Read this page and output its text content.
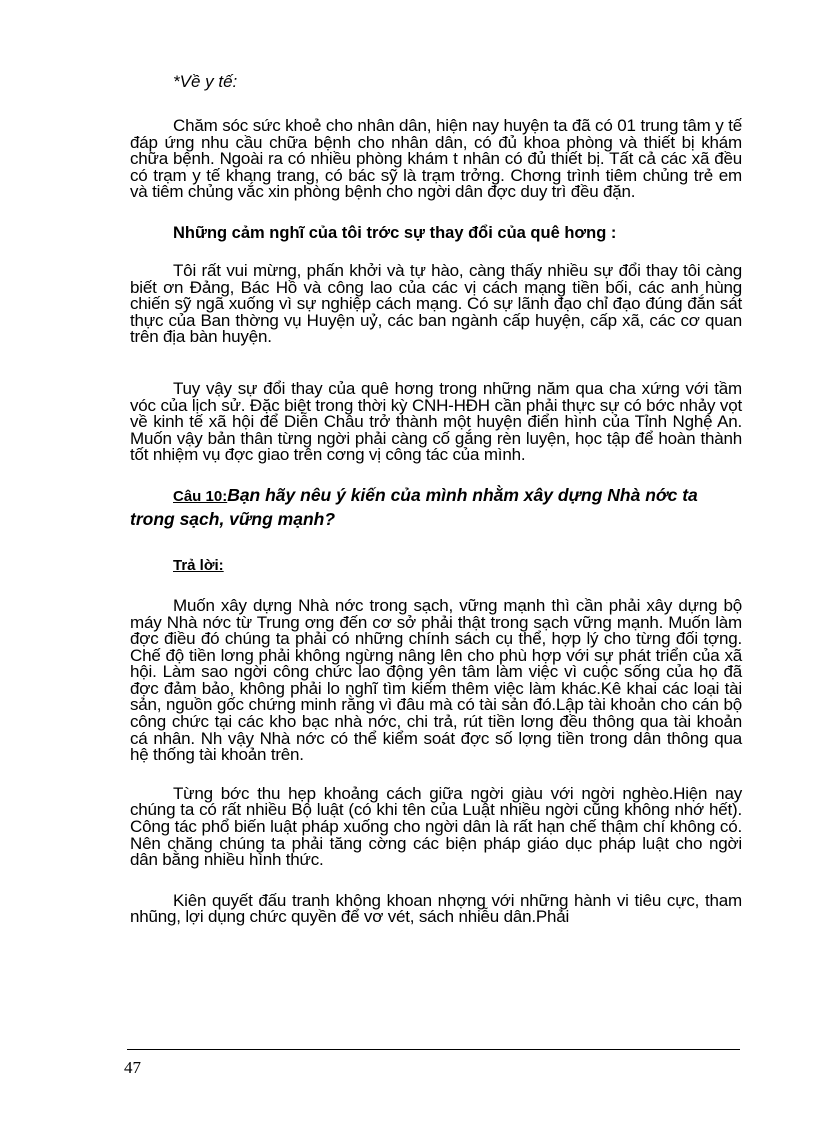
*Về y tế:

Chăm sóc sức khoẻ cho nhân dân, hiện nay huyện ta đã có 01 trung tâm y tế đáp ứng nhu cầu chữa bệnh cho nhân dân, có đủ khoa phòng và thiết bị khám chữa bệnh. Ngoài ra có nhiều phòng khám t nhân có đủ thiết bị. Tất cả các xã đều có trạm y tế khang trang, có bác sỹ là trạm trởng. Chơng trình tiêm chủng trẻ em và tiêm chủng vắc xin phòng bệnh cho ngời dân đợc duy trì đều đặn.

Những cảm nghĩ của tôi trớc sự thay đổi của quê hơng :

Tôi rất vui mừng, phấn khởi và tự hào, càng thấy nhiều sự đổi thay tôi càng biết ơn Đảng, Bác Hồ và công lao của các vị cách mạng tiền bối, các anh hùng chiến sỹ ngã xuống vì sự nghiệp cách mạng. Có sự lãnh đạo chỉ đạo đúng đắn sát thực của Ban thờng vụ Huyện uỷ, các ban ngành cấp huyện, cấp xã, các cơ quan trên địa bàn huyện.

Tuy vậy sự đổi thay của quê hơng trong những năm qua cha xứng với tầm vóc của lịch sử. Đặc biệt trong thời kỳ CNH-HĐH cần phải thực sự có bớc nhảy vọt về kinh tế xã hội để Diễn Châu trở thành một huyện điển hình của Tỉnh Nghệ An. Muốn vậy bản thân từng ngời phải càng cố gắng rèn luyện, học tập để hoàn thành tốt nhiệm vụ đợc giao trên cơng vị công tác của mình.

Câu 10:Bạn hãy nêu ý kiến của mình nhằm xây dựng Nhà nớc ta trong sạch, vững mạnh?

Trả lời:

Muốn xây dựng Nhà nớc trong sạch, vững mạnh thì cần phải xây dựng bộ máy Nhà nớc từ Trung ơng đến cơ sở phải thật trong sạch vững mạnh. Muốn làm đợc điều đó chúng ta phải có những chính sách cụ thể, hợp lý cho từng đối tợng. Chế độ tiền lơng phải không ngừng nâng lên cho phù hợp với sự phát triển của xã hội. Làm sao ngời công chức lao động yên tâm làm việc vì cuộc sống của họ đã đợc đảm bảo, không phải lo nghĩ tìm kiếm thêm việc làm khác.Kê khai các loại tài sản, nguồn gốc chứng minh rằng vì đâu mà có tài sản đó.Lập tài khoản cho cán bộ công chức tại các kho bạc nhà nớc, chi trả, rút tiền lơng đều thông qua tài khoản cá nhân. Nh vậy Nhà nớc có thể kiểm soát đợc số lợng tiền trong dân thông qua hệ thống tài khoản trên.

Từng bớc thu hẹp khoảng cách giữa ngời giàu với ngời nghèo.Hiện nay chúng ta có rất nhiều Bộ luật (có khi tên của Luật nhiều ngời cũng không nhớ hết). Công tác phổ biến luật pháp xuống cho ngời dân là rất hạn chế thậm chí không có. Nên chăng chúng ta phải tăng cờng các biện pháp giáo dục pháp luật cho ngời dân bằng nhiều hình thức.

Kiên quyết đấu tranh không khoan nhợng với những hành vi tiêu cực, tham nhũng, lợi dụng chức quyền để vơ vét, sách nhiễu dân.Phải

47
